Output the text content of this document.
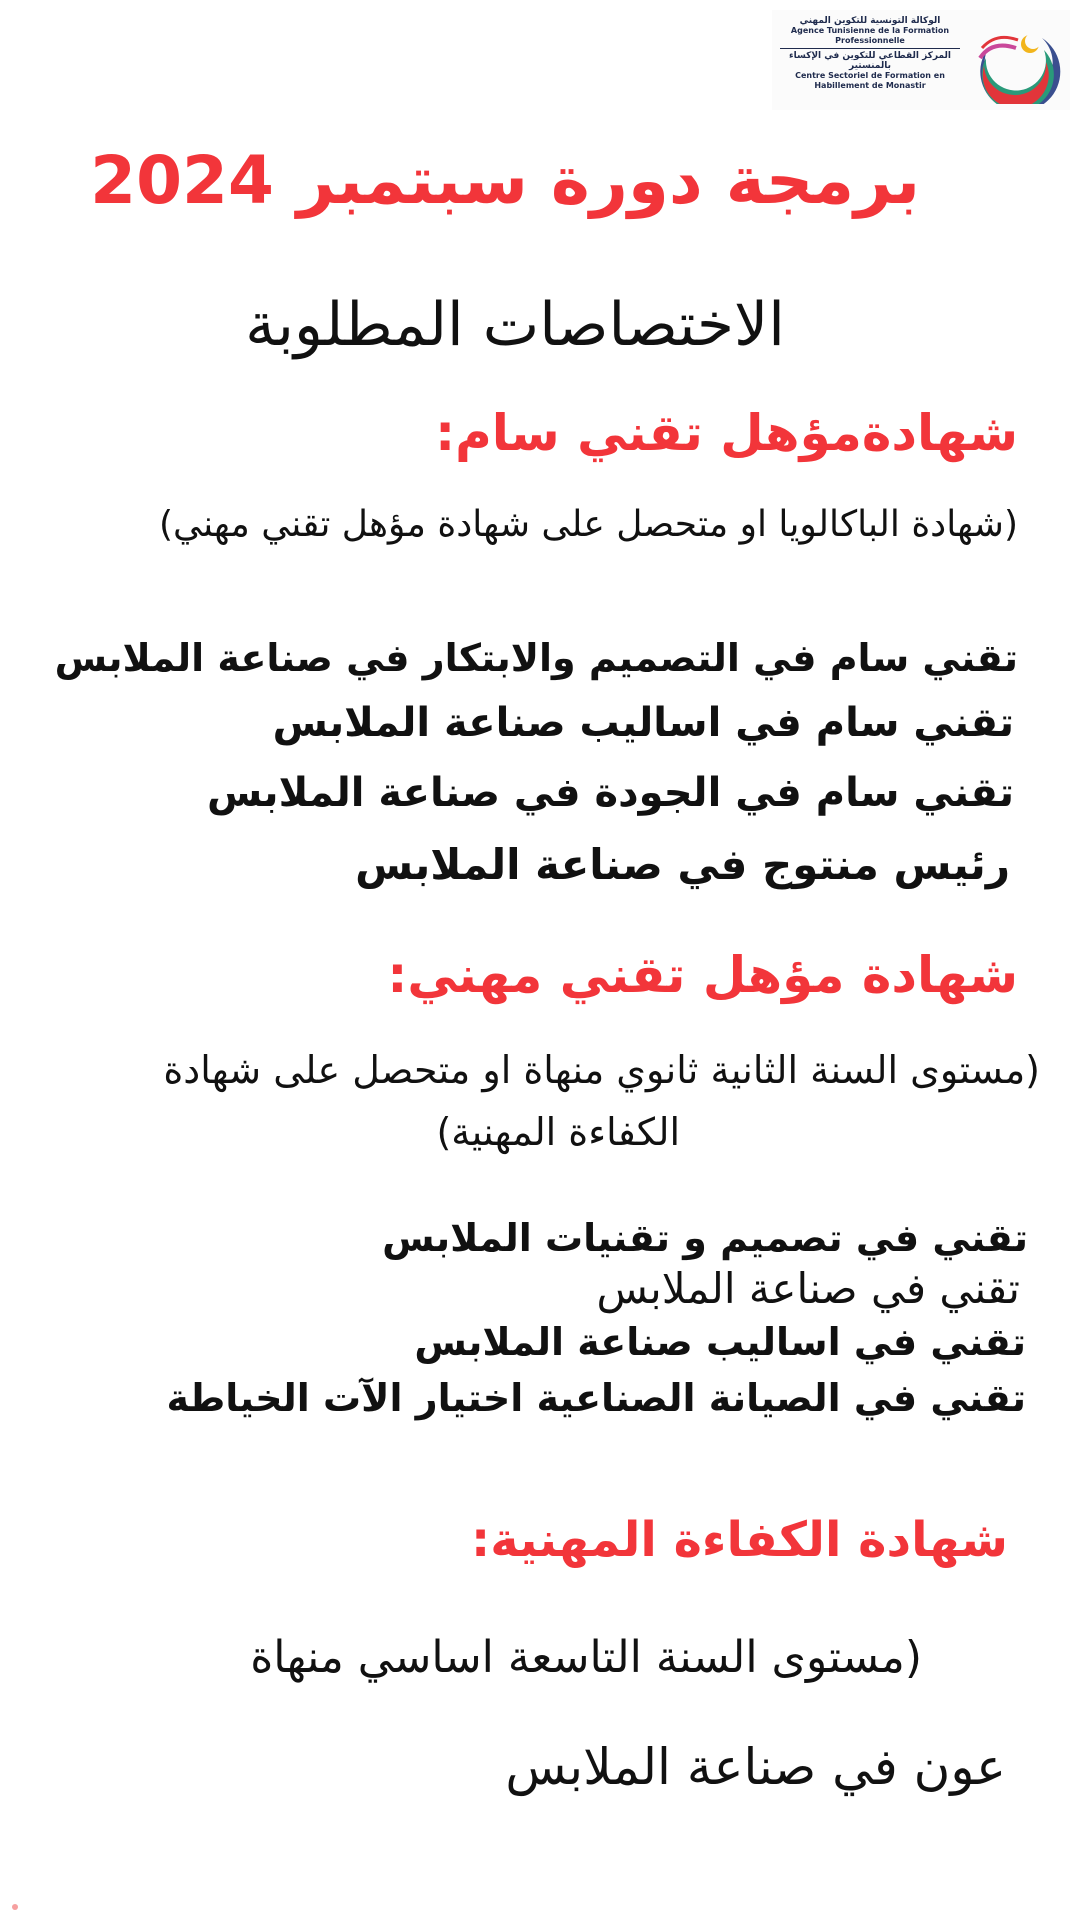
الوكالة التونسية للتكوين المهني
Agence Tunisienne de la Formation Professionnelle
المركز القطاعي للتكوين في الإكساء بالمنستير
Centre Sectoriel de Formation en Habillement de Monastir
برمجة دورة سبتمبر 2024
الاختصاصات المطلوبة
شهادةمؤهل تقني سام:
(شهادة الباكالويا او متحصل على شهادة مؤهل تقني مهني)
تقني سام في التصميم والابتكار في صناعة الملابس
تقني سام في اساليب صناعة الملابس
تقني سام في الجودة في صناعة الملابس
رئيس منتوج في صناعة الملابس
شهادة مؤهل تقني مهني:
(مستوى السنة الثانية ثانوي منهاة او متحصل على شهادة
الكفاءة المهنية)
تقني في تصميم و تقنيات الملابس
تقني في صناعة الملابس
تقني في اساليب صناعة الملابس
تقني في الصيانة الصناعية اختيار الآت الخياطة
شهادة الكفاءة المهنية:
(مستوى السنة التاسعة اساسي منهاة
عون في صناعة الملابس
